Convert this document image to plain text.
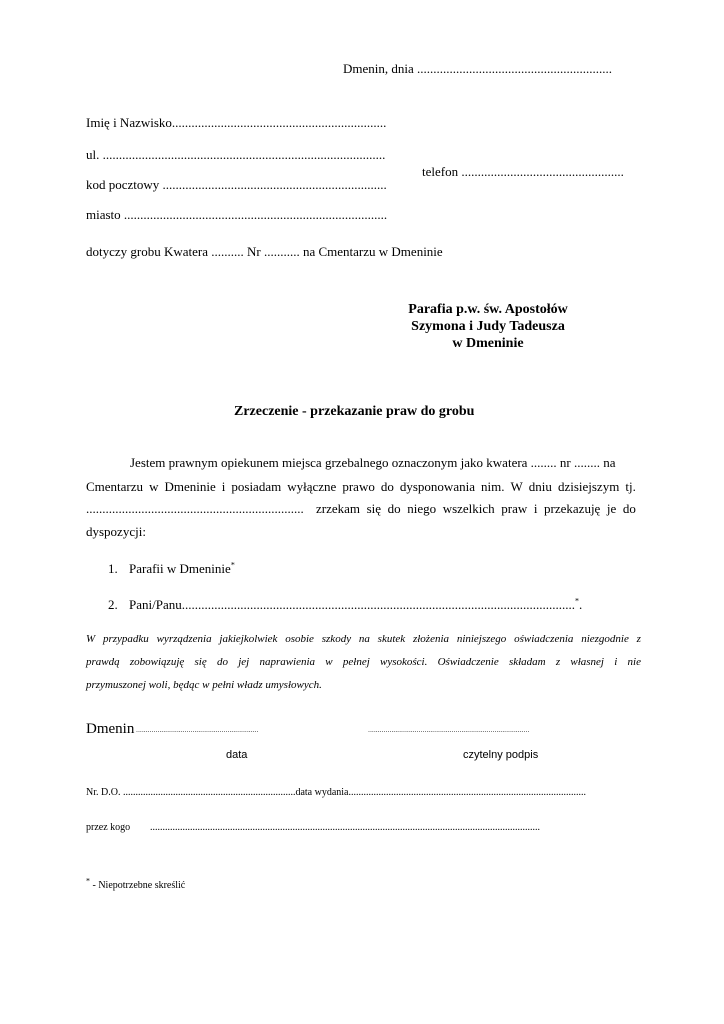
Dmenin, dnia ............................................................
Imię i Nazwisko..................................................................
ul. .......................................................................................
telefon ..................................................
kod pocztowy .....................................................................
miasto .................................................................................
dotyczy grobu Kwatera .......... Nr ........... na Cmentarzu w Dmeninie
Parafia p.w. św. Apostołów
Szymona i Judy Tadeusza
w Dmeninie
Zrzeczenie - przekazanie praw do grobu
Jestem prawnym opiekunem miejsca grzebalnego oznaczonym jako kwatera ........ nr ........ na
Cmentarzu w Dmeninie i posiadam wyłączne prawo do dysponowania nim. W dniu dzisiejszym tj.
................................................................... zrzekam się do niego wszelkich praw i przekazuję je do
dyspozycji:
1. Parafii w Dmeninie*
2. Pani/Panu.........................................................................................................................*.
W przypadku wyrządzenia jakiejkolwiek osobie szkody na skutek złożenia niniejszego oświadczenia niezgodnie z
prawdą zobowiązuję się do jej naprawienia w pełnej wysokości. Oświadczenie składam z własnej i nie
przymuszonej woli, będąc w pełni władz umysłowych.
Dmenin ...............................................................	...................................................................................
data	czytelny podpis
Nr. D.O. .....................................................................data wydania...............................................................................................
przez kogo ............................................................................................................................................................
* - Niepotrzebne skreślić
